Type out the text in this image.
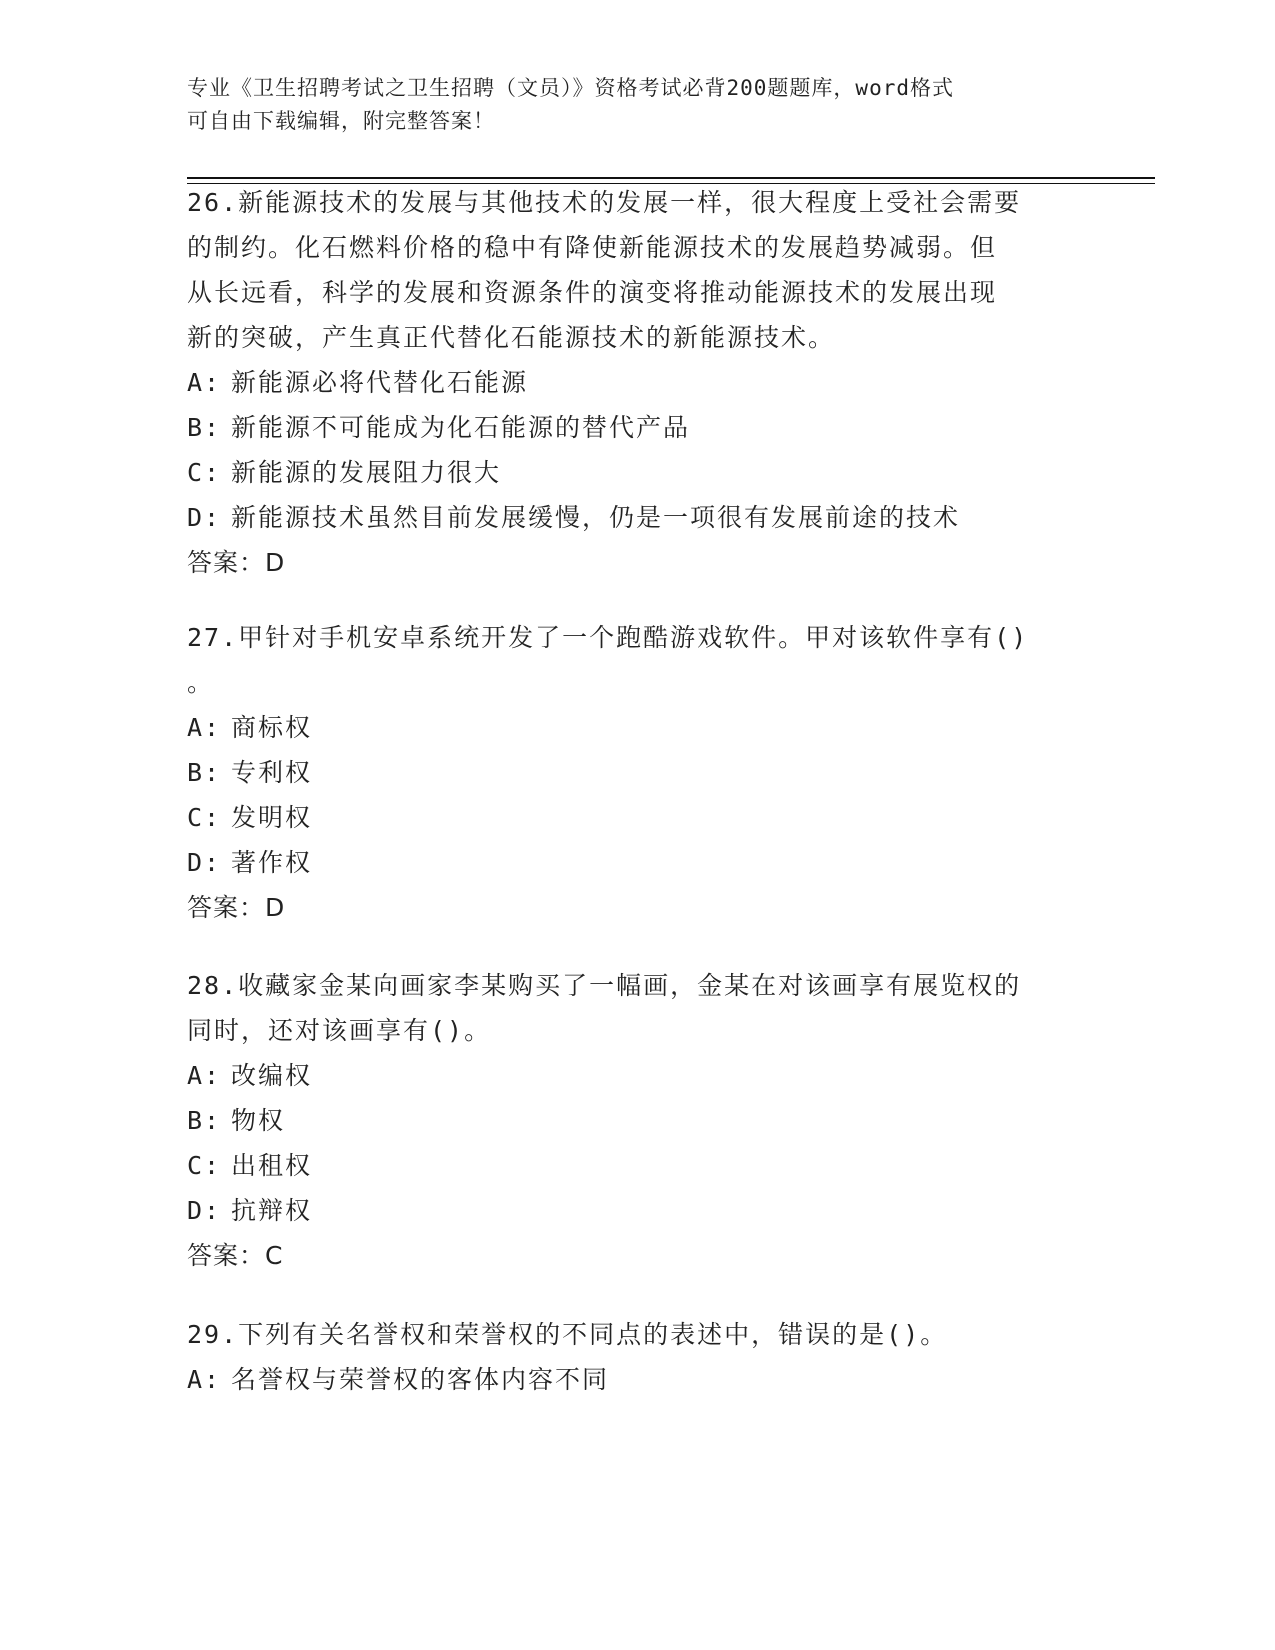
专业《卫生招聘考试之卫生招聘（文员）》资格考试必背200题题库，word格式
可自由下载编辑，附完整答案！
26.新能源技术的发展与其他技术的发展一样，很大程度上受社会需要
的制约。化石燃料价格的稳中有降使新能源技术的发展趋势减弱。但
从长远看，科学的发展和资源条件的演变将推动能源技术的发展出现
新的突破，产生真正代替化石能源技术的新能源技术。
A: 新能源必将代替化石能源
B: 新能源不可能成为化石能源的替代产品
C: 新能源的发展阻力很大
D: 新能源技术虽然目前发展缓慢，仍是一项很有发展前途的技术
答案：D
27.甲针对手机安卓系统开发了一个跑酷游戏软件。甲对该软件享有()
。
A: 商标权
B: 专利权
C: 发明权
D: 著作权
答案：D
28.收藏家金某向画家李某购买了一幅画，金某在对该画享有展览权的
同时，还对该画享有()。
A: 改编权
B: 物权
C: 出租权
D: 抗辩权
答案：C
29.下列有关名誉权和荣誉权的不同点的表述中，错误的是()。
A: 名誉权与荣誉权的客体内容不同
